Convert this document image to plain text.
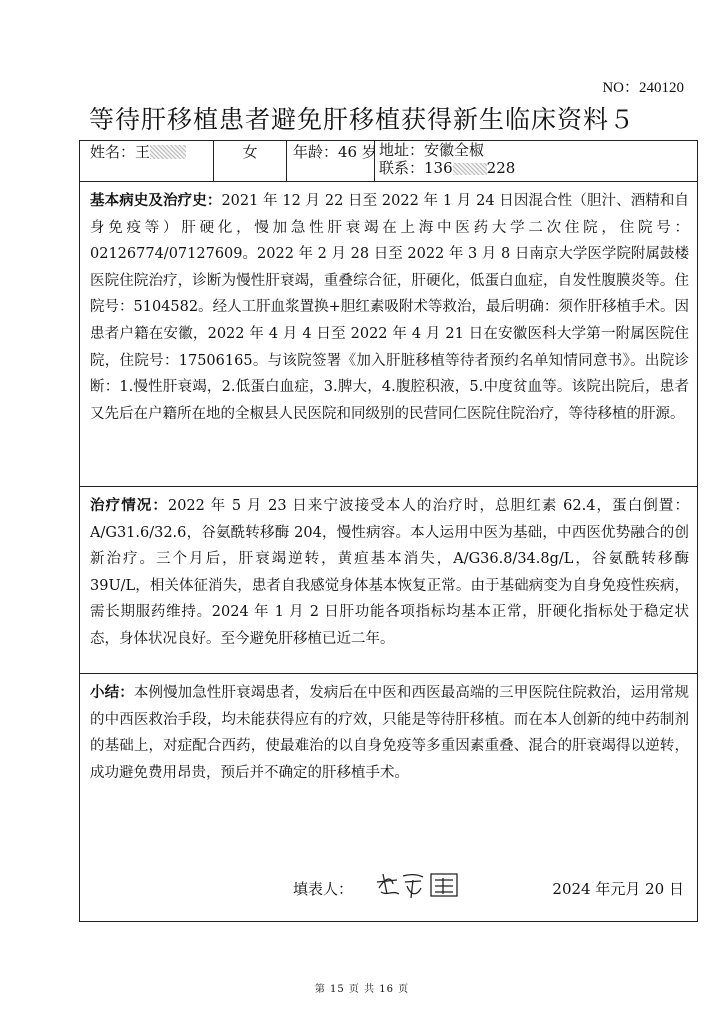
NO：240120
等待肝移植患者避免肝移植获得新生临床资料５
姓名：王	女	年龄：46 岁	地址：安徽全椒
联系：136 228

基本病史及治疗史：2021 年 12 月 22 日至 2022 年 1 月 24 日因混合性（胆汁、酒精和自身免疫等）肝硬化，慢加急性肝衰竭在上海中医药大学二次住院，住院号：02126774/07127609。2022 年 2 月 28 日至 2022 年 3 月 8 日南京大学医学院附属鼓楼医院住院治疗，诊断为慢性肝衰竭，重叠综合征，肝硬化，低蛋白血症，自发性腹膜炎等。住院号：5104582。经人工肝血浆置换+胆红素吸附术等救治，最后明确：须作肝移植手术。因患者户籍在安徽，2022 年 4 月 4 日至 2022 年 4 月 21 日在安徽医科大学第一附属医院住院，住院号：17506165。与该院签署《加入肝脏移植等待者预约名单知情同意书》。出院诊断：1.慢性肝衰竭，2.低蛋白血症，3.脾大，4.腹腔积液，5.中度贫血等。该院出院后，患者又先后在户籍所在地的全椒县人民医院和同级别的民营同仁医院住院治疗，等待移植的肝源。

治疗情况：2022 年 5 月 23 日来宁波接受本人的治疗时，总胆红素 62.4，蛋白倒置：A/G31.6/32.6，谷氨酰转移酶 204，慢性病容。本人运用中医为基础，中西医优势融合的创新治疗。三个月后，肝衰竭逆转，黄疸基本消失，A/G36.8/34.8g/L，谷氨酰转移酶 39U/L，相关体征消失，患者自我感觉身体基本恢复正常。由于基础病变为自身免疫性疾病，需长期服药维持。2024 年 1 月 2 日肝功能各项指标均基本正常，肝硬化指标处于稳定状态，身体状况良好。至今避免肝移植已近二年。

小结：本例慢加急性肝衰竭患者，发病后在中医和西医最高端的三甲医院住院救治，运用常规的中西医救治手段，均未能获得应有的疗效，只能是等待肝移植。而在本人创新的纯中药制剂的基础上，对症配合西药，使最难治的以自身免疫等多重因素重叠、混合的肝衰竭得以逆转，成功避免费用昂贵，预后并不确定的肝移植手术。
填表人：	2024 年元月 20 日
第 15 页 共 16 页
